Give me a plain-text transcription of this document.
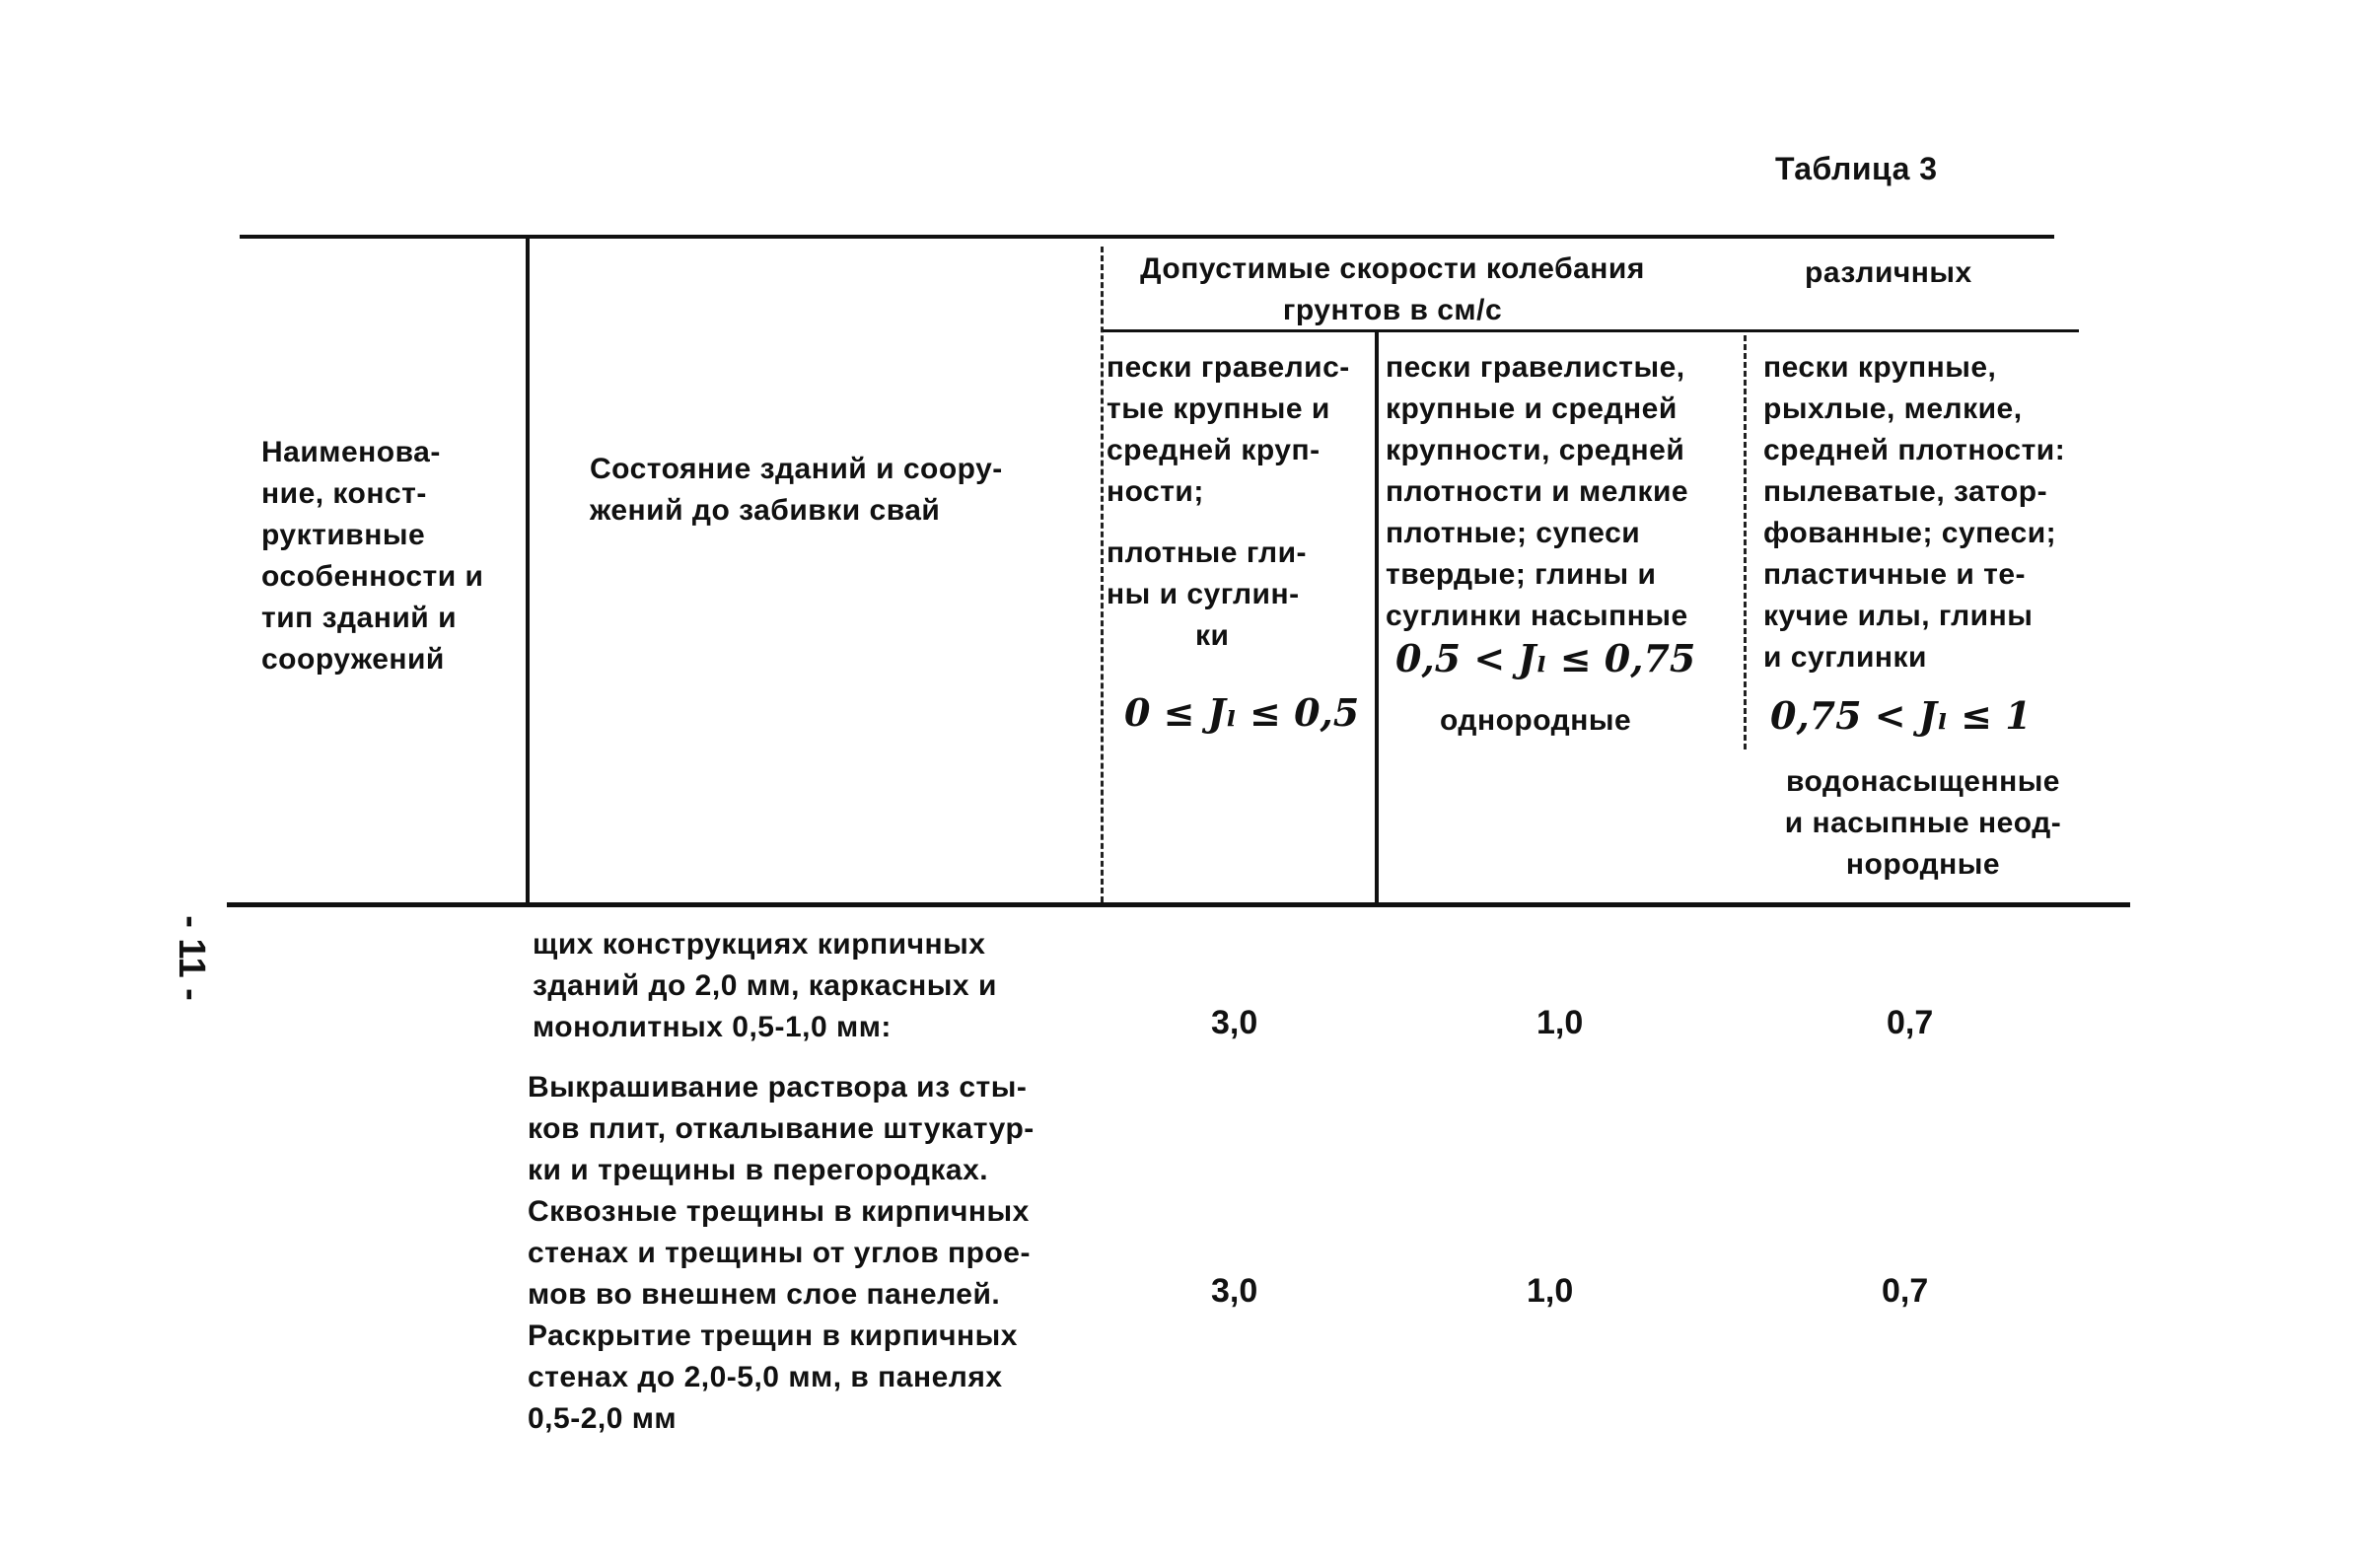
Таблица 3
- 11 -
Наименова-
ние, конст-
руктивные
особенности и
тип зданий и
сооружений
Состояние зданий и соору-
жений до забивки свай
Допустимые скорости колебания
грунтов в см/с
различных
пески гравелис-
тые крупные и
средней круп-
ности;
плотные гли-
ны и суглин-
ки
0 ≤ Jₗ ≤ 0,5
пески гравелистые,
крупные и средней
крупности, средней
плотности и мелкие
плотные; супеси
твердые; глины и
суглинки насыпные
0,5 < Jₗ ≤ 0,75
однородные
пески крупные,
рыхлые, мелкие,
средней плотности:
пылеватые, затор-
фованные; супеси;
пластичные и те-
кучие илы, глины
и суглинки
0,75 < Jₗ ≤ 1
водонасыщенные
и насыпные неод-
нородные
щих конструкциях кирпичных
зданий до 2,0 мм, каркасных и
монолитных 0,5-1,0 мм:	3,0	1,0	0,7
Выкрашивание раствора из сты-
ков плит, откалывание штукатур-
ки и трещины в перегородках.
Сквозные трещины в кирпичных
стенах и трещины от углов прое-
мов во внешнем слое панелей.
Раскрытие трещин в кирпичных
стенах до 2,0-5,0 мм, в панелях
0,5-2,0 мм
3,0	1,0	0,7
